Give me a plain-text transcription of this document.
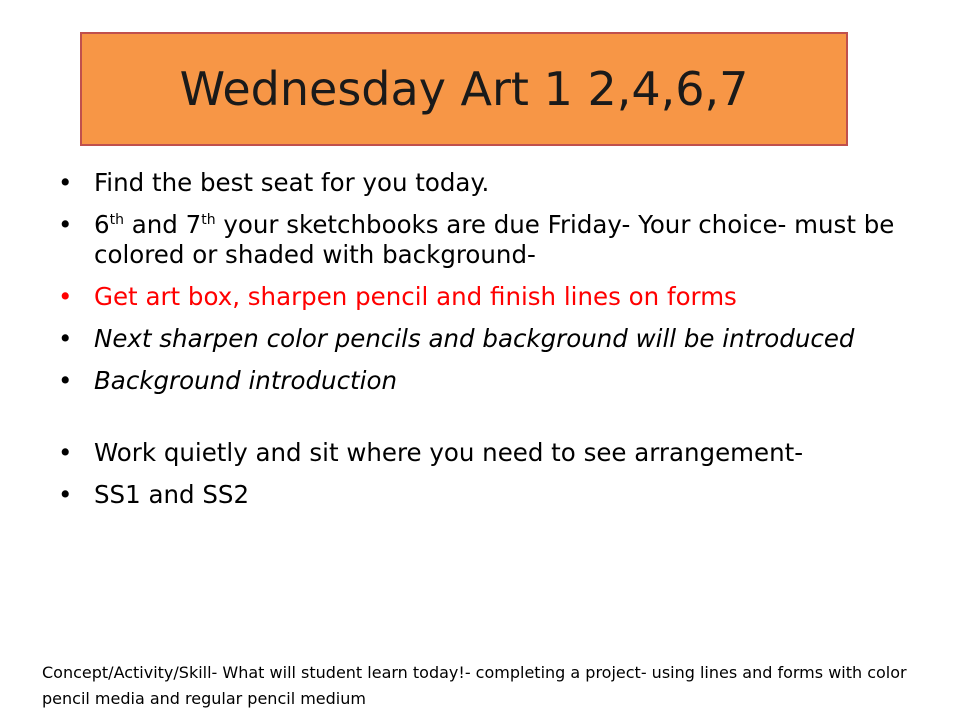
Wednesday Art 1 2,4,6,7
• Find the best seat for you today.
• 6th and 7th your sketchbooks are due Friday- Your choice- must be colored or shaded with background-
• Get art box, sharpen pencil and finish lines on forms
• Next sharpen color pencils and background will be introduced
• Background introduction
• Work quietly and sit where you need to see arrangement-
• SS1 and SS2
Concept/Activity/Skill- What will student learn today!- completing a project- using lines and forms with color pencil media and regular pencil medium
